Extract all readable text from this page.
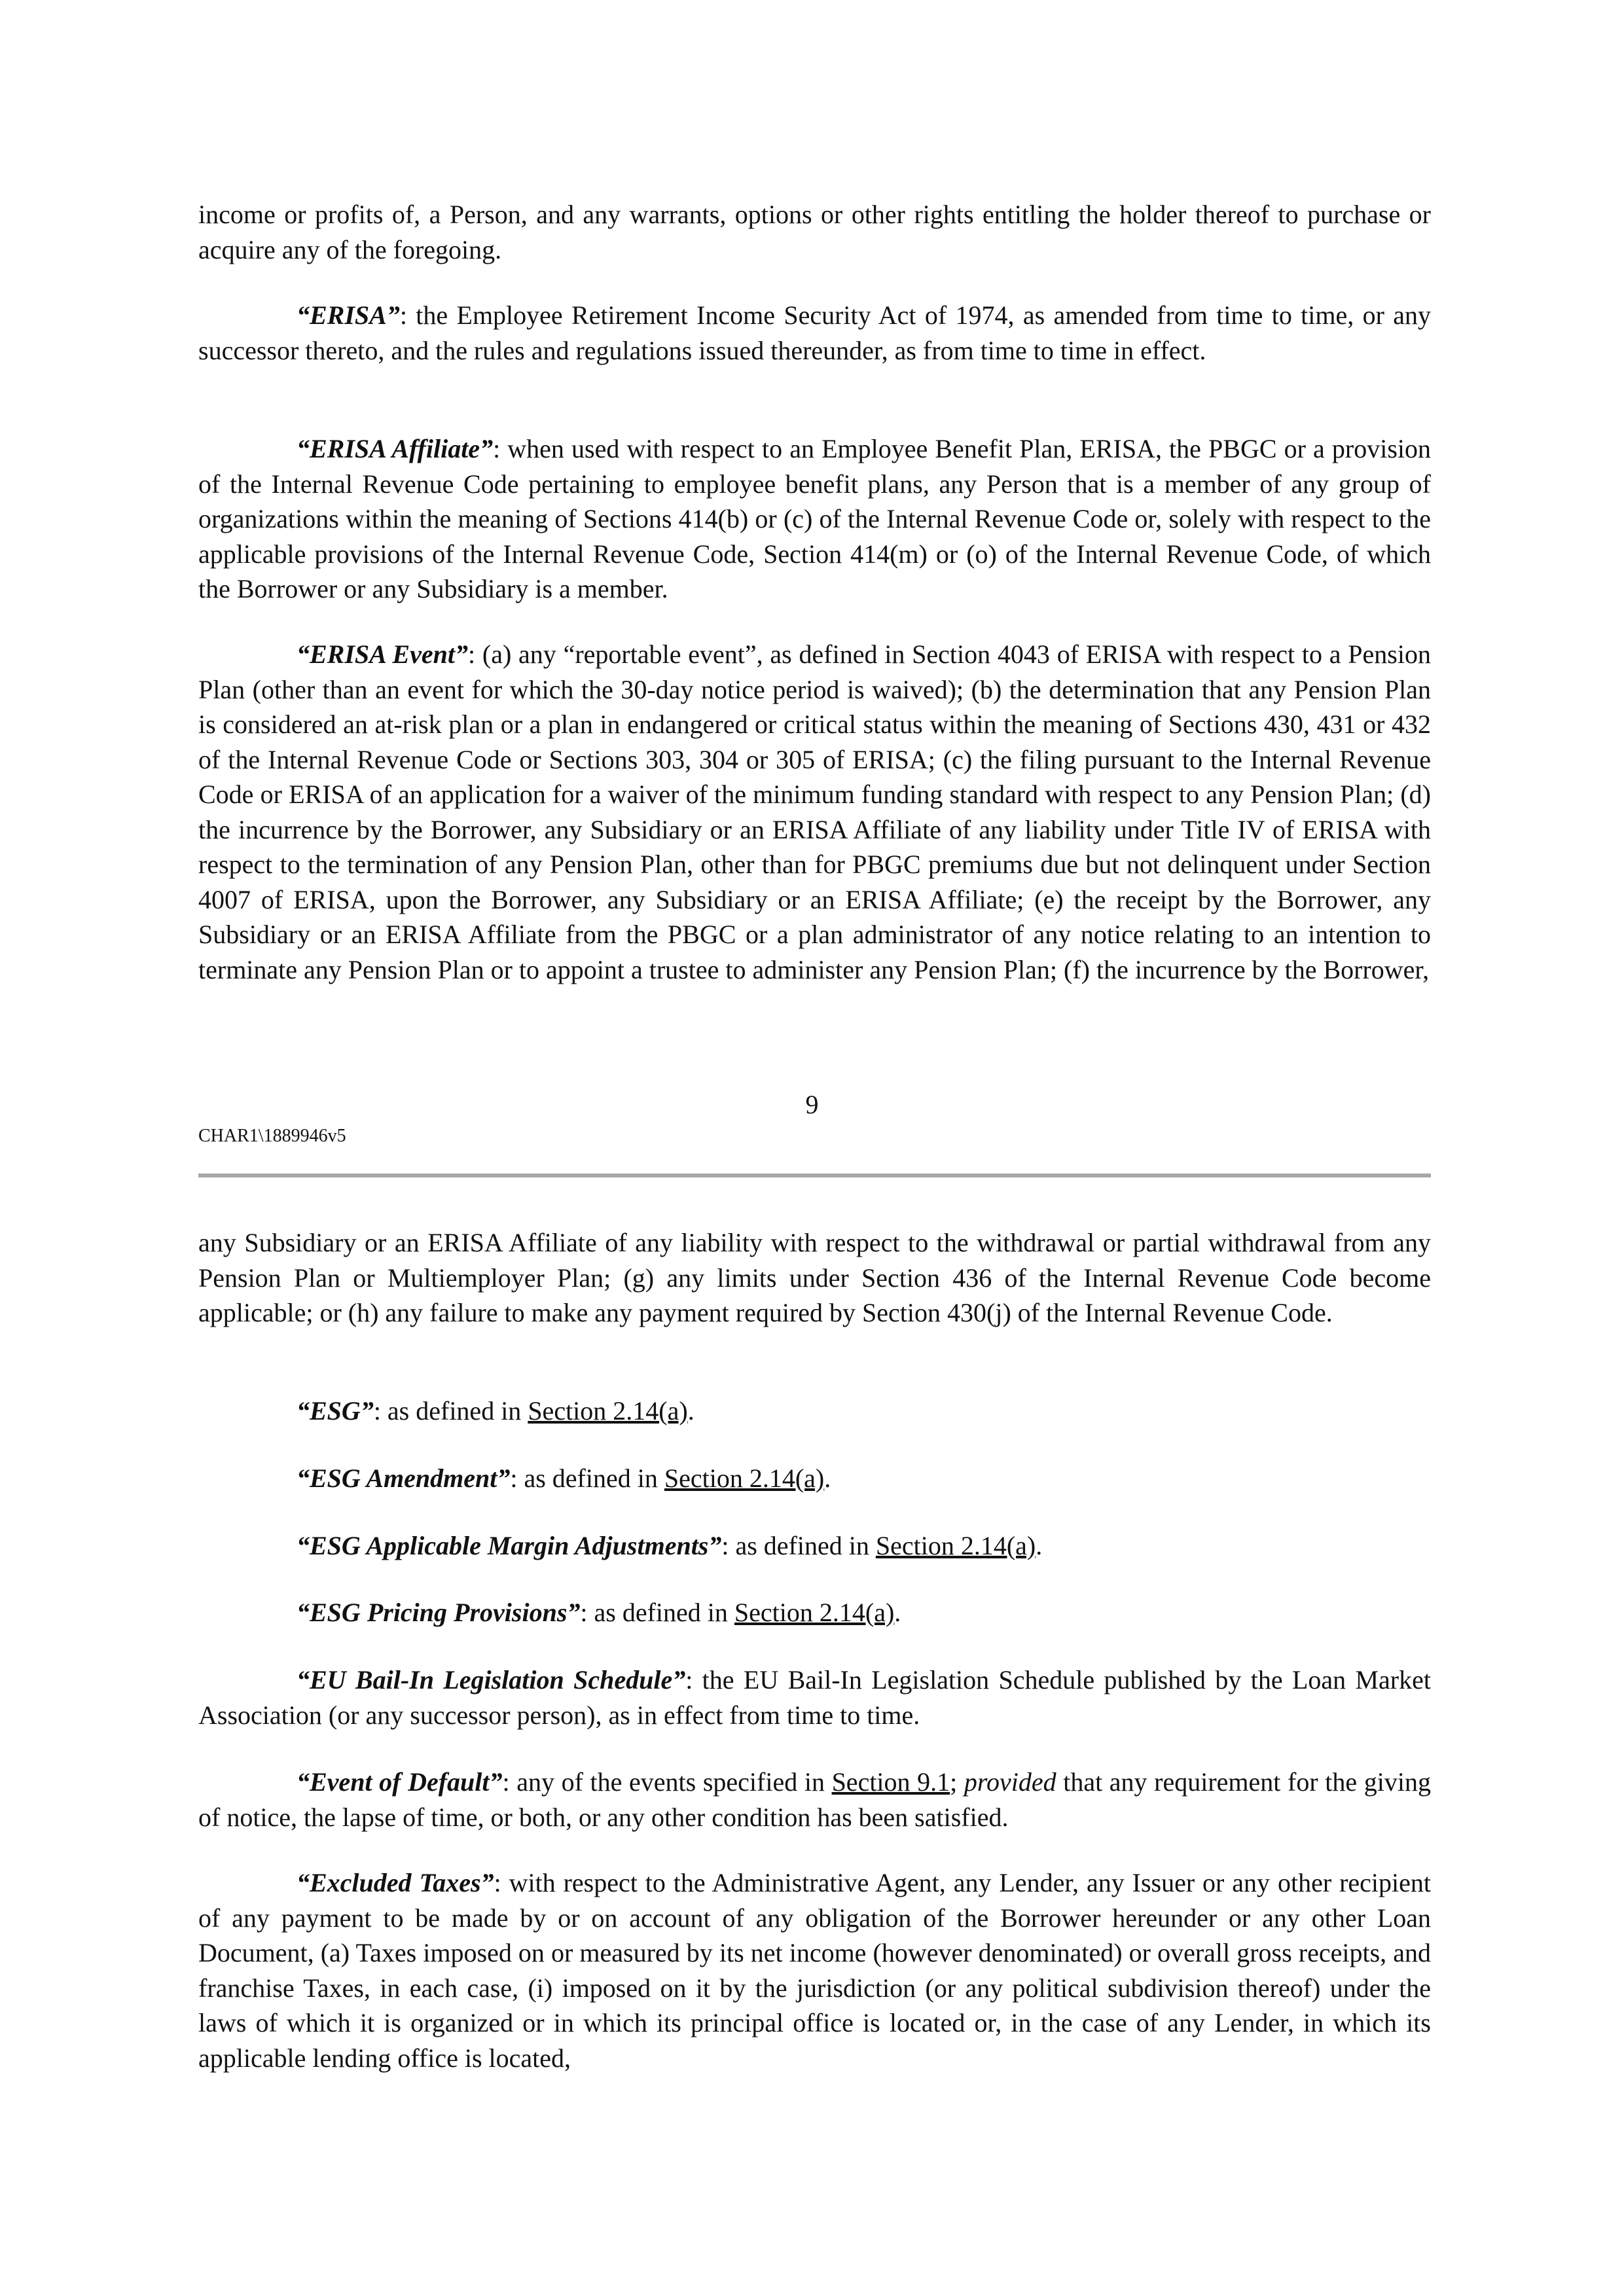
income or profits of, a Person, and any warrants, options or other rights entitling the holder thereof to purchase or acquire any of the foregoing.

“ERISA”: the Employee Retirement Income Security Act of 1974, as amended from time to time, or any successor thereto, and the rules and regulations issued thereunder, as from time to time in effect.

“ERISA Affiliate”: when used with respect to an Employee Benefit Plan, ERISA, the PBGC or a provision of the Internal Revenue Code pertaining to employee benefit plans, any Person that is a member of any group of organizations within the meaning of Sections 414(b) or (c) of the Internal Revenue Code or, solely with respect to the applicable provisions of the Internal Revenue Code, Section 414(m) or (o) of the Internal Revenue Code, of which the Borrower or any Subsidiary is a member.

“ERISA Event”: (a) any “reportable event”, as defined in Section 4043 of ERISA with respect to a Pension Plan (other than an event for which the 30-day notice period is waived); (b) the determination that any Pension Plan is considered an at-risk plan or a plan in endangered or critical status within the meaning of Sections 430, 431 or 432 of the Internal Revenue Code or Sections 303, 304 or 305 of ERISA; (c) the filing pursuant to the Internal Revenue Code or ERISA of an application for a waiver of the minimum funding standard with respect to any Pension Plan; (d) the incurrence by the Borrower, any Subsidiary or an ERISA Affiliate of any liability under Title IV of ERISA with respect to the termination of any Pension Plan, other than for PBGC premiums due but not delinquent under Section 4007 of ERISA, upon the Borrower, any Subsidiary or an ERISA Affiliate; (e) the receipt by the Borrower, any Subsidiary or an ERISA Affiliate from the PBGC or a plan administrator of any notice relating to an intention to terminate any Pension Plan or to appoint a trustee to administer any Pension Plan; (f) the incurrence by the Borrower,

9
CHAR1\1889946v5

any Subsidiary or an ERISA Affiliate of any liability with respect to the withdrawal or partial withdrawal from any Pension Plan or Multiemployer Plan; (g) any limits under Section 436 of the Internal Revenue Code become applicable; or (h) any failure to make any payment required by Section 430(j) of the Internal Revenue Code.

“ESG”: as defined in Section 2.14(a).

“ESG Amendment”: as defined in Section 2.14(a).

“ESG Applicable Margin Adjustments”: as defined in Section 2.14(a).

“ESG Pricing Provisions”: as defined in Section 2.14(a).

“EU Bail-In Legislation Schedule”: the EU Bail-In Legislation Schedule published by the Loan Market Association (or any successor person), as in effect from time to time.

“Event of Default”: any of the events specified in Section 9.1; provided that any requirement for the giving of notice, the lapse of time, or both, or any other condition has been satisfied.

“Excluded Taxes”: with respect to the Administrative Agent, any Lender, any Issuer or any other recipient of any payment to be made by or on account of any obligation of the Borrower hereunder or any other Loan Document, (a) Taxes imposed on or measured by its net income (however denominated) or overall gross receipts, and franchise Taxes, in each case, (i) imposed on it by the jurisdiction (or any political subdivision thereof) under the laws of which it is organized or in which its principal office is located or, in the case of any Lender, in which its applicable lending office is located,
